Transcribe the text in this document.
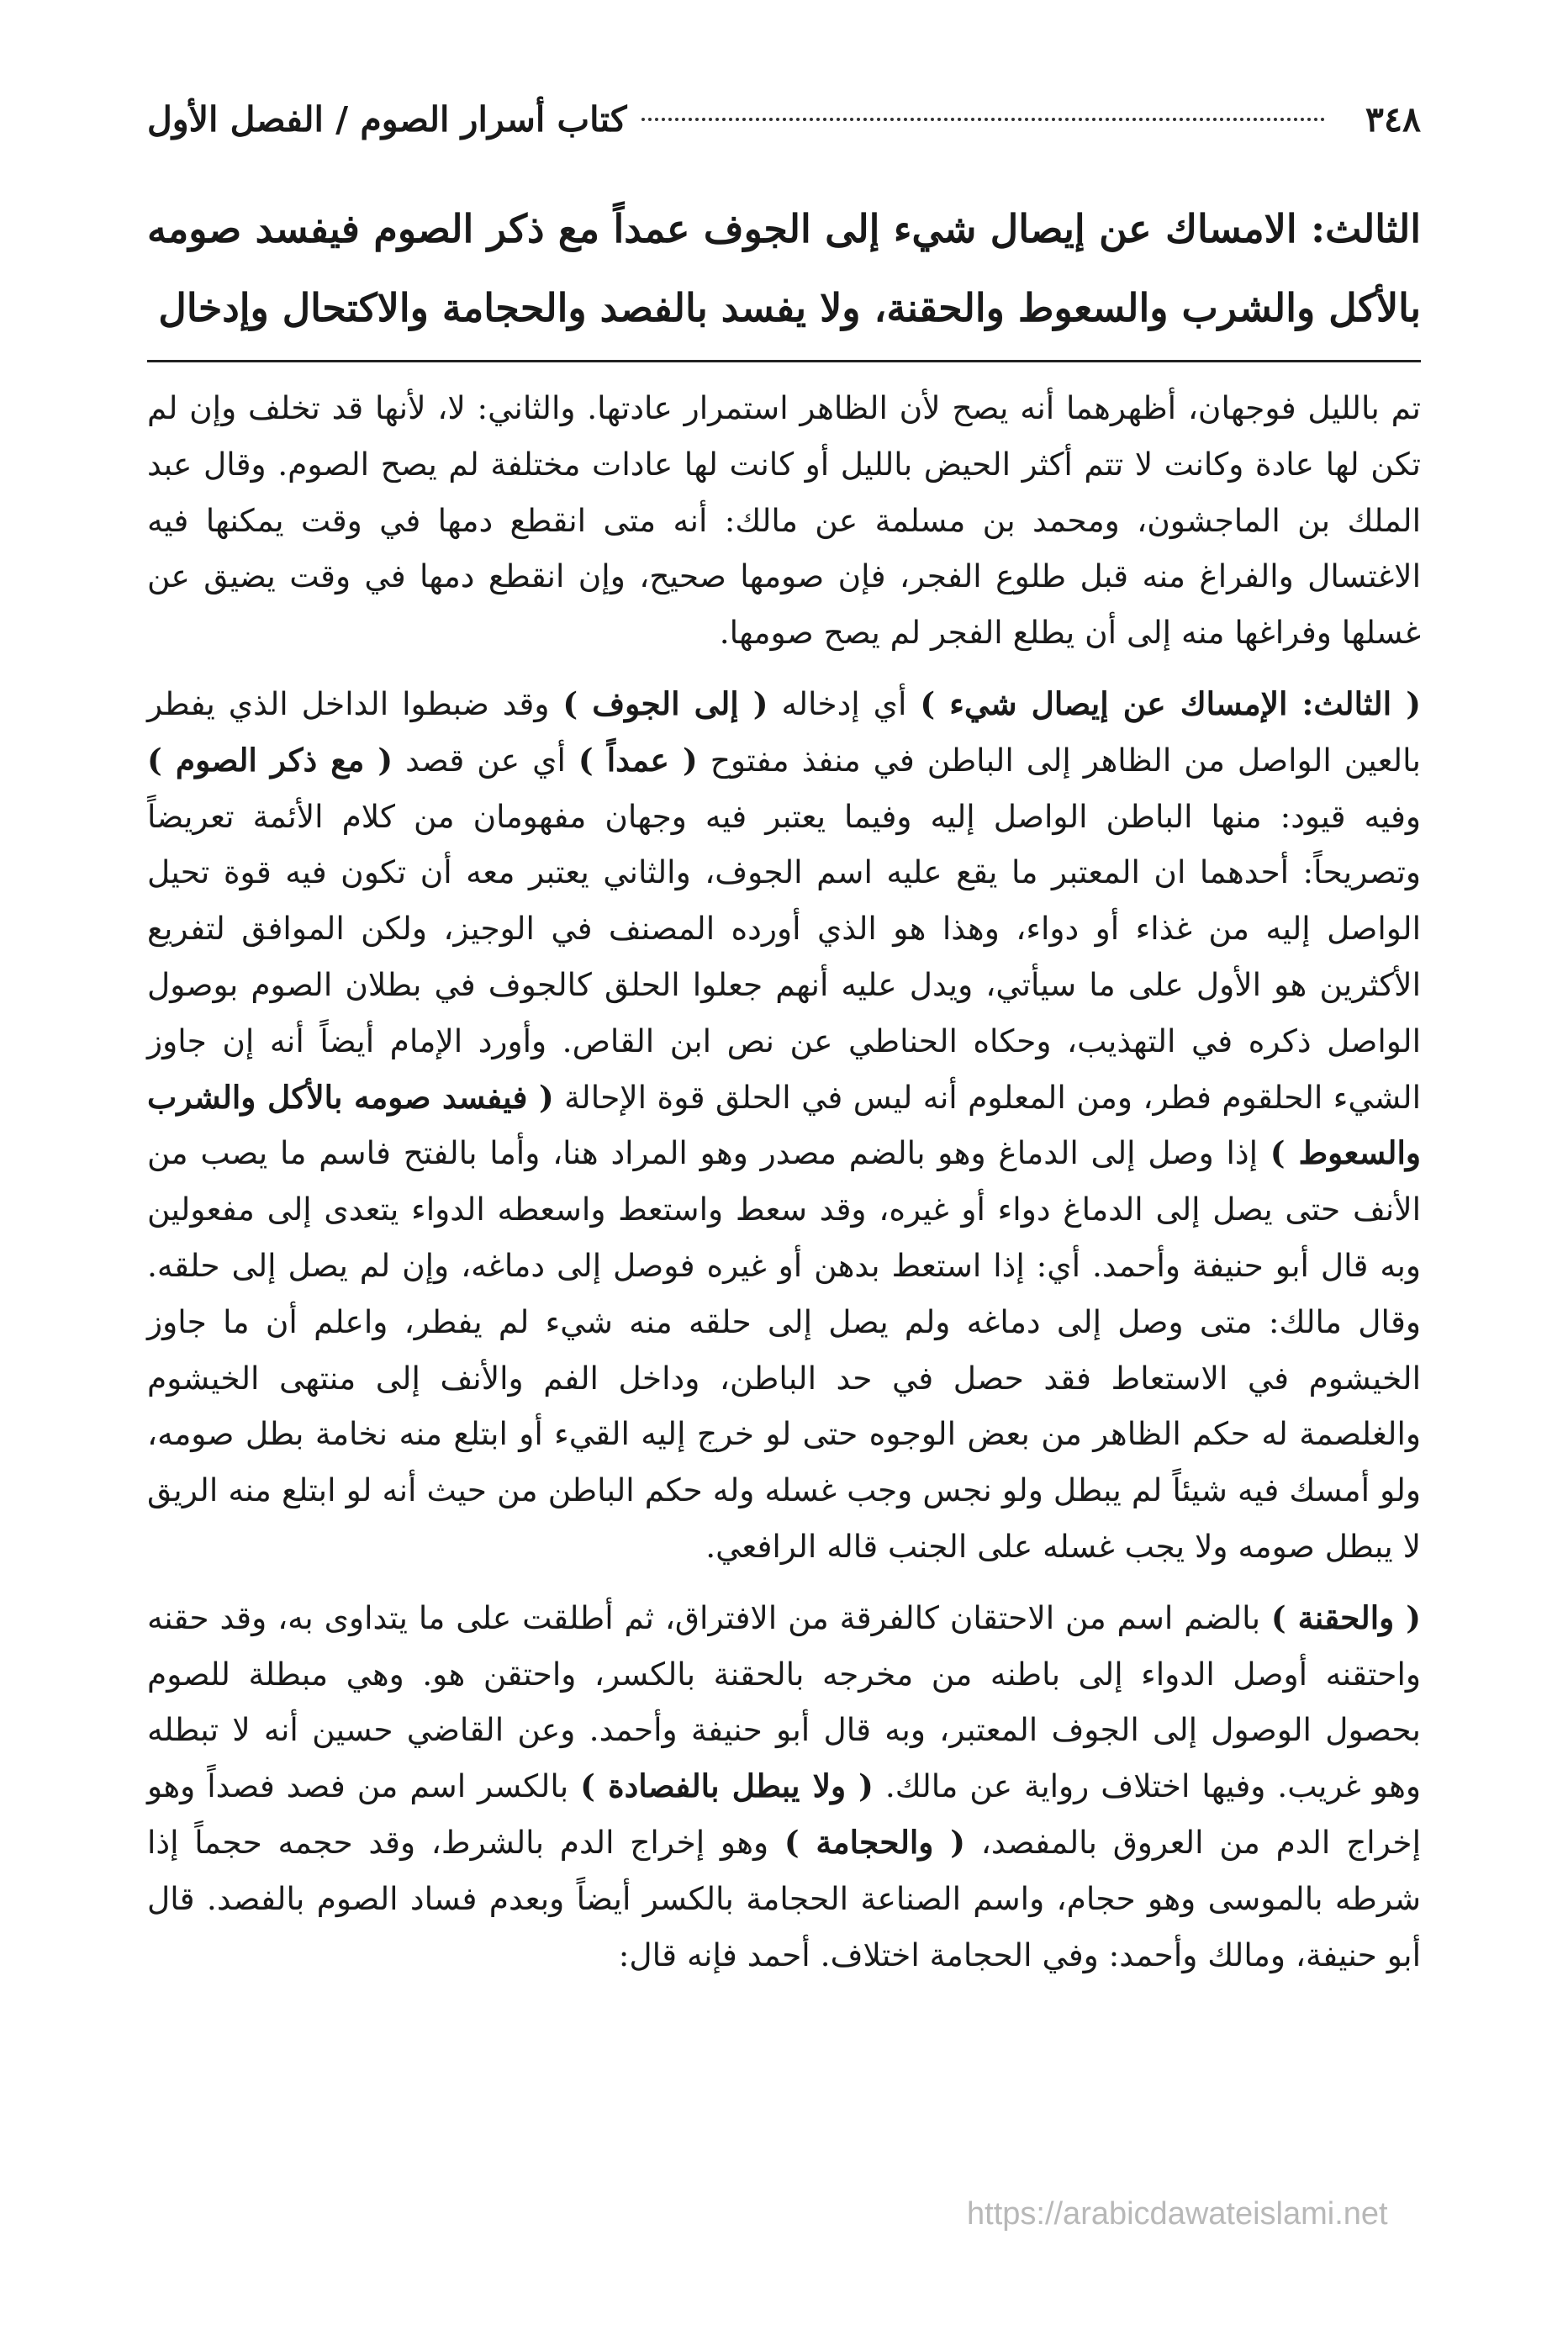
٣٤٨
كتاب أسرار الصوم / الفصل الأول
الثالث: الامساك عن إيصال شيء إلى الجوف عمداً مع ذكر الصوم فيفسد صومه بالأكل والشرب والسعوط والحقنة، ولا يفسد بالفصد والحجامة والاكتحال وإدخال

تم بالليل فوجهان، أظهرهما أنه يصح لأن الظاهر استمرار عادتها. والثاني: لا، لأنها قد تخلف وإن لم تكن لها عادة وكانت لا تتم أكثر الحيض بالليل أو كانت لها عادات مختلفة لم يصح الصوم. وقال عبد الملك بن الماجشون، ومحمد بن مسلمة عن مالك: أنه متى انقطع دمها في وقت يمكنها فيه الاغتسال والفراغ منه قبل طلوع الفجر، فإن صومها صحيح، وإن انقطع دمها في وقت يضيق عن غسلها وفراغها منه إلى أن يطلع الفجر لم يصح صومها.

( الثالث: الإمساك عن إيصال شيء ) أي إدخاله ( إلى الجوف ) وقد ضبطوا الداخل الذي يفطر بالعين الواصل من الظاهر إلى الباطن في منفذ مفتوح ( عمداً ) أي عن قصد ( مع ذكر الصوم ) وفيه قيود: منها الباطن الواصل إليه وفيما يعتبر فيه وجهان مفهومان من كلام الأئمة تعريضاً وتصريحاً: أحدهما ان المعتبر ما يقع عليه اسم الجوف، والثاني يعتبر معه أن تكون فيه قوة تحيل الواصل إليه من غذاء أو دواء، وهذا هو الذي أورده المصنف في الوجيز، ولكن الموافق لتفريع الأكثرين هو الأول على ما سيأتي، ويدل عليه أنهم جعلوا الحلق كالجوف في بطلان الصوم بوصول الواصل ذكره في التهذيب، وحكاه الحناطي عن نص ابن القاص. وأورد الإمام أيضاً أنه إن جاوز الشيء الحلقوم فطر، ومن المعلوم أنه ليس في الحلق قوة الإحالة ( فيفسد صومه بالأكل والشرب والسعوط ) إذا وصل إلى الدماغ وهو بالضم مصدر وهو المراد هنا، وأما بالفتح فاسم ما يصب من الأنف حتى يصل إلى الدماغ دواء أو غيره، وقد سعط واستعط واسعطه الدواء يتعدى إلى مفعولين وبه قال أبو حنيفة وأحمد. أي: إذا استعط بدهن أو غيره فوصل إلى دماغه، وإن لم يصل إلى حلقه. وقال مالك: متى وصل إلى دماغه ولم يصل إلى حلقه منه شيء لم يفطر، واعلم أن ما جاوز الخيشوم في الاستعاط فقد حصل في حد الباطن، وداخل الفم والأنف إلى منتهى الخيشوم والغلصمة له حكم الظاهر من بعض الوجوه حتى لو خرج إليه القيء أو ابتلع منه نخامة بطل صومه، ولو أمسك فيه شيئاً لم يبطل ولو نجس وجب غسله وله حكم الباطن من حيث أنه لو ابتلع منه الريق لا يبطل صومه ولا يجب غسله على الجنب قاله الرافعي.

( والحقنة ) بالضم اسم من الاحتقان كالفرقة من الافتراق، ثم أطلقت على ما يتداوى به، وقد حقنه واحتقنه أوصل الدواء إلى باطنه من مخرجه بالحقنة بالكسر، واحتقن هو. وهي مبطلة للصوم بحصول الوصول إلى الجوف المعتبر، وبه قال أبو حنيفة وأحمد. وعن القاضي حسين أنه لا تبطله وهو غريب. وفيها اختلاف رواية عن مالك. ( ولا يبطل بالفصادة ) بالكسر اسم من فصد فصداً وهو إخراج الدم من العروق بالمفصد، ( والحجامة ) وهو إخراج الدم بالشرط، وقد حجمه حجماً إذا شرطه بالموسى وهو حجام، واسم الصناعة الحجامة بالكسر أيضاً وبعدم فساد الصوم بالفصد. قال أبو حنيفة، ومالك وأحمد: وفي الحجامة اختلاف. أحمد فإنه قال:

https://arabicdawateislami.net
